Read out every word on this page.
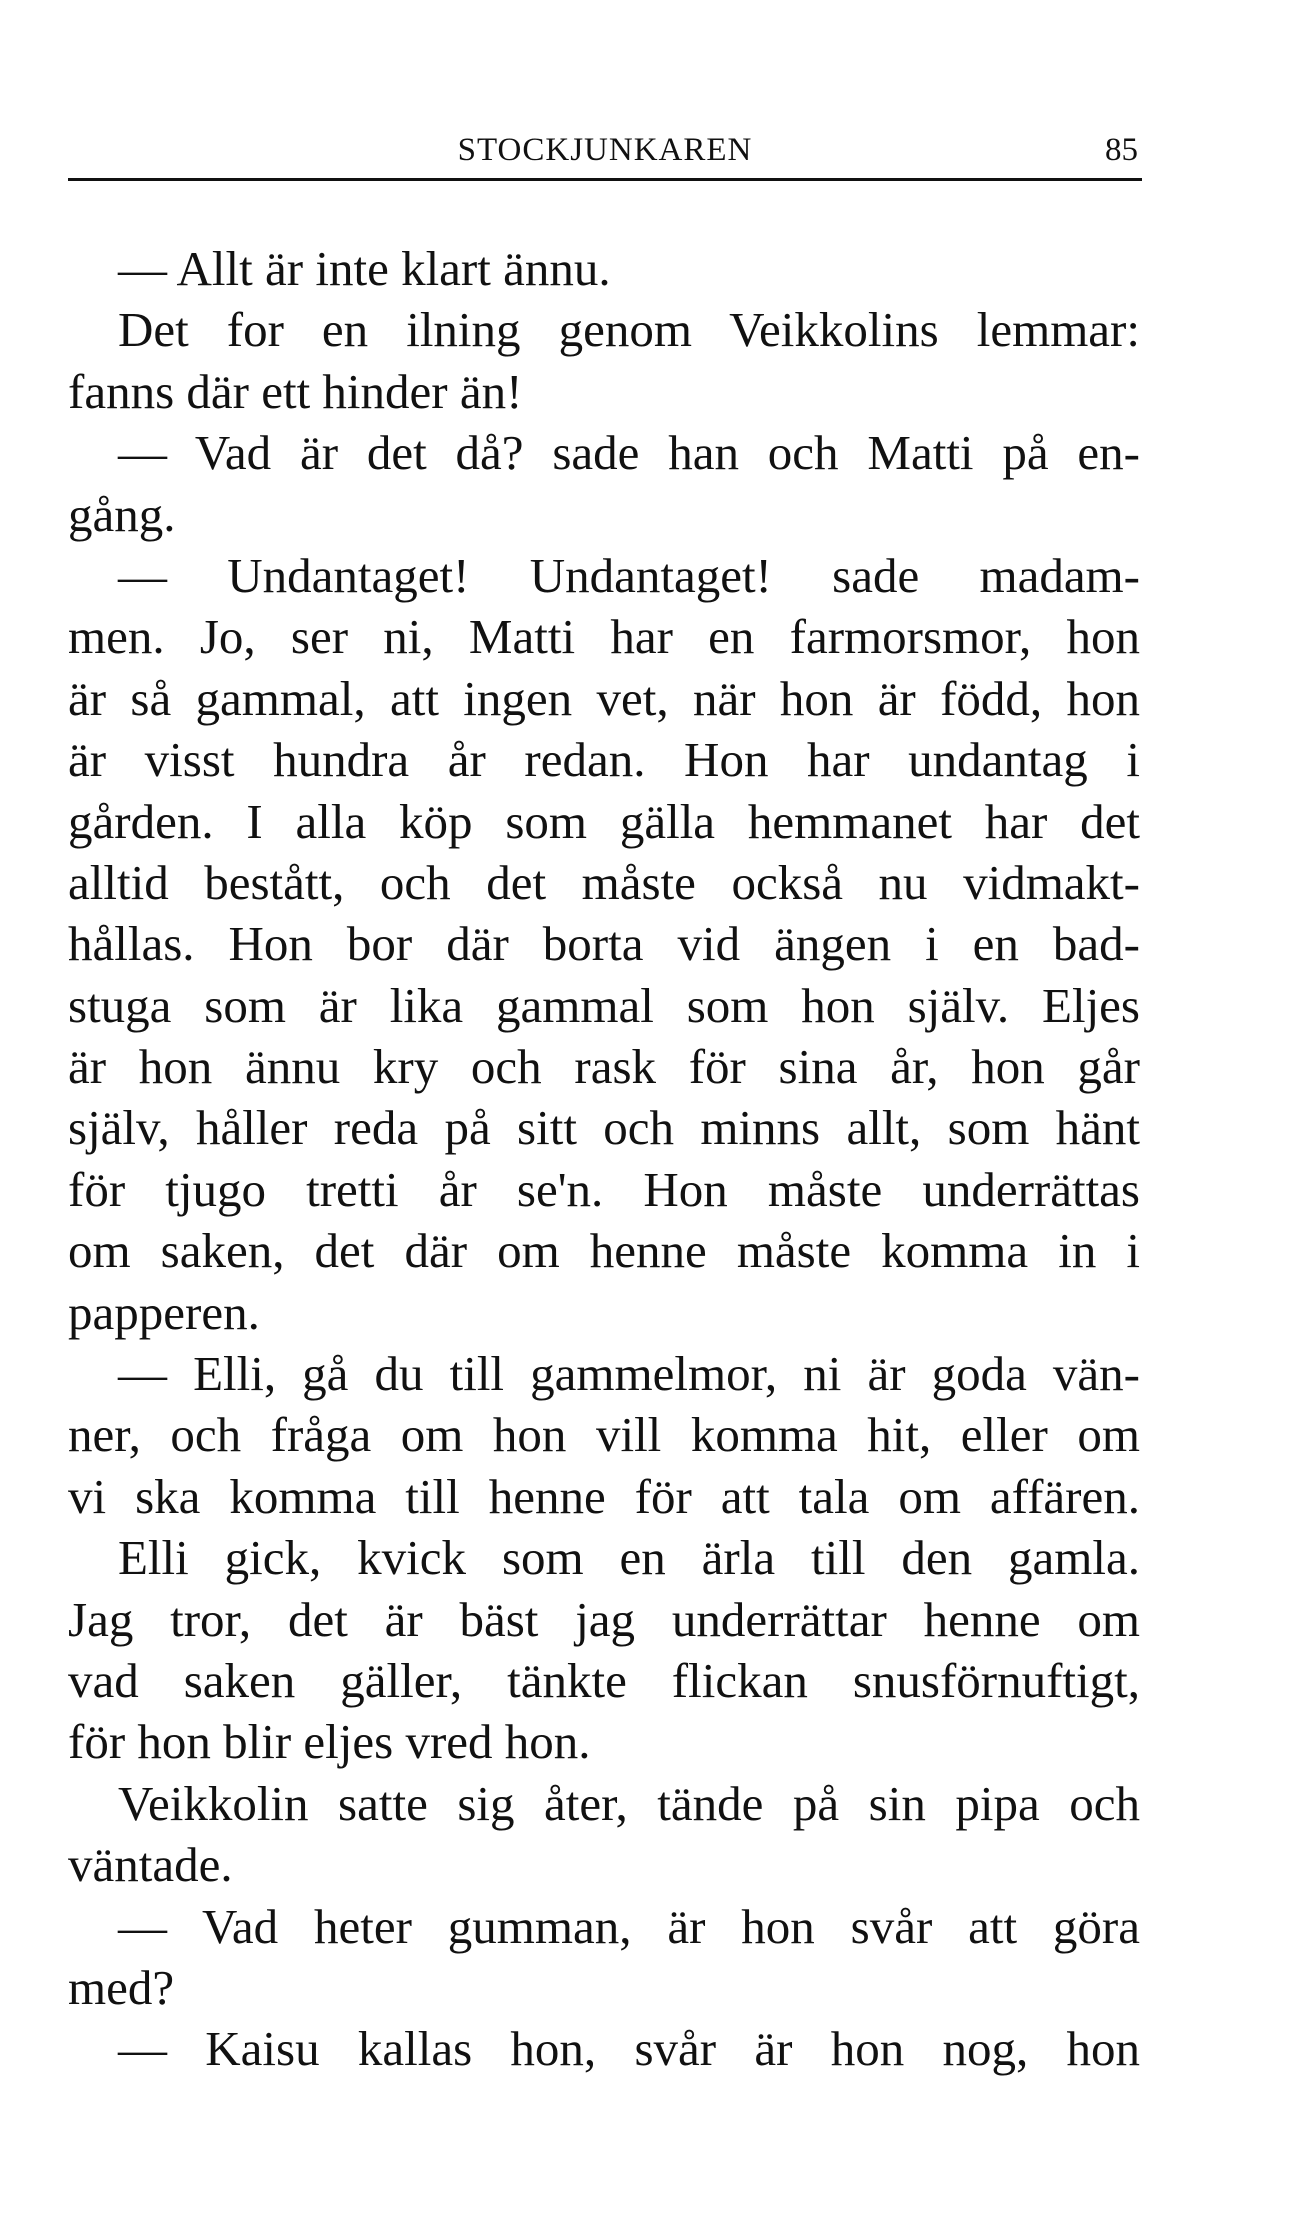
STOCKJUNKAREN	85
— Allt är inte klart ännu.
Det for en ilning genom Veikkolins lemmar:
fanns där ett hinder än!
— Vad är det då? sade han och Matti på en-
gång.
— Undantaget! Undantaget! sade madam-
men. Jo, ser ni, Matti har en farmorsmor, hon
är så gammal, att ingen vet, när hon är född, hon
är visst hundra år redan. Hon har undantag i
gården. I alla köp som gälla hemmanet har det
alltid bestått, och det måste också nu vidmakt-
hållas. Hon bor där borta vid ängen i en bad-
stuga som är lika gammal som hon själv. Eljes
är hon ännu kry och rask för sina år, hon går
själv, håller reda på sitt och minns allt, som hänt
för tjugo tretti år se'n. Hon måste underrättas
om saken, det där om henne måste komma in i
papperen.
— Elli, gå du till gammelmor, ni är goda vän-
ner, och fråga om hon vill komma hit, eller om
vi ska komma till henne för att tala om affären.
Elli gick, kvick som en ärla till den gamla.
Jag tror, det är bäst jag underrättar henne om
vad saken gäller, tänkte flickan snusförnuftigt,
för hon blir eljes vred hon.
Veikkolin satte sig åter, tände på sin pipa och
väntade.
— Vad heter gumman, är hon svår att göra
med?
— Kaisu kallas hon, svår är hon nog, hon
